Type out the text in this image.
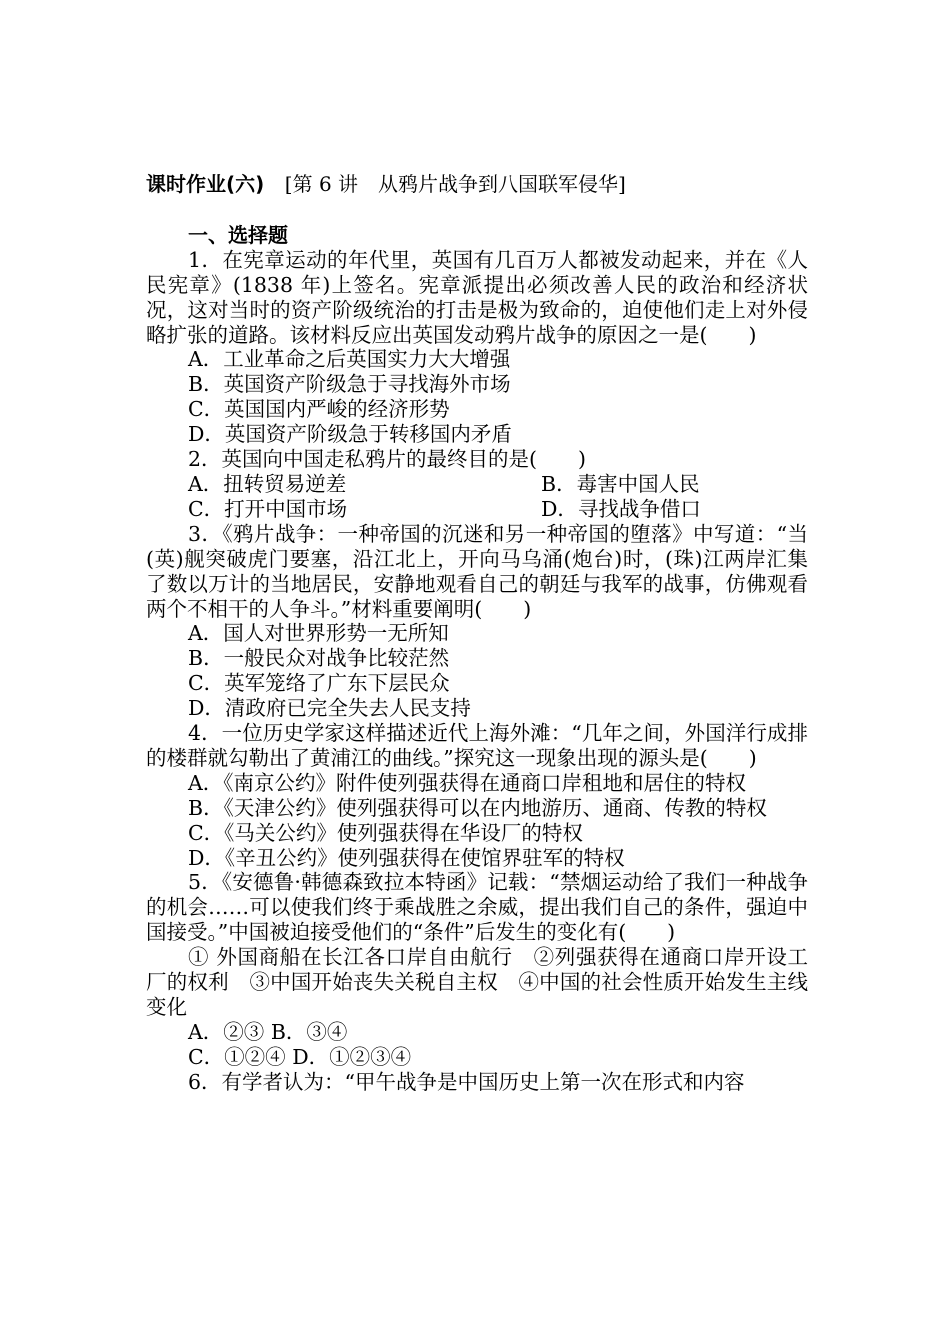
课时作业(六)　 [第 6 讲　从鸦片战争到八国联军侵华]

一、选择题

1．在宪章运动的年代里，英国有几百万人都被发动起来，并在《人民宪章》(1838 年)上签名。宪章派提出必须改善人民的政治和经济状况，这对当时的资产阶级统治的打击是极为致命的，迫使他们走上对外侵略扩张的道路。该材料反应出英国发动鸦片战争的原因之一是(　　)

A．工业革命之后英国实力大大增强

B．英国资产阶级急于寻找海外市场

C．英国国内严峻的经济形势

D．英国资产阶级急于转移国内矛盾

2．英国向中国走私鸦片的最终目的是(　　)

A．扭转贸易逆差	B．毒害中国人民
C．打开中国市场	D．寻找战争借口

3．《鸦片战争：一种帝国的沉迷和另一种帝国的堕落》中写道：“当(英)舰突破虎门要塞，沿江北上，开向马乌涌(炮台)时，(珠)江两岸汇集了数以万计的当地居民，安静地观看自己的朝廷与我军的战事，仿佛观看两个不相干的人争斗。”材料重要阐明(　　)

A．国人对世界形势一无所知

B．一般民众对战争比较茫然

C．英军笼络了广东下层民众

D．清政府已完全失去人民支持

4．一位历史学家这样描述近代上海外滩：“几年之间，外国洋行成排的楼群就勾勒出了黄浦江的曲线。”探究这一现象出现的源头是(　　)

A．《南京公约》附件使列强获得在通商口岸租地和居住的特权

B．《天津公约》使列强获得可以在内地游历、通商、传教的特权

C．《马关公约》使列强获得在华设厂的特权

D．《辛丑公约》使列强获得在使馆界驻军的特权

5．《安德鲁·韩德森致拉本特函》记载：“禁烟运动给了我们一种战争的机会……可以使我们终于乘战胜之余威，提出我们自己的条件，强迫中国接受。”中国被迫接受他们的“条件”后发生的变化有(　　)

① 外国商船在长江各口岸自由航行　②列强获得在通商口岸开设工厂的权利　③中国开始丧失关税自主权　④中国的社会性质开始发生主线变化

A．②③ B．③④

C．①②④ D．①②③④

6．有学者认为：“甲午战争是中国历史上第一次在形式和内容
